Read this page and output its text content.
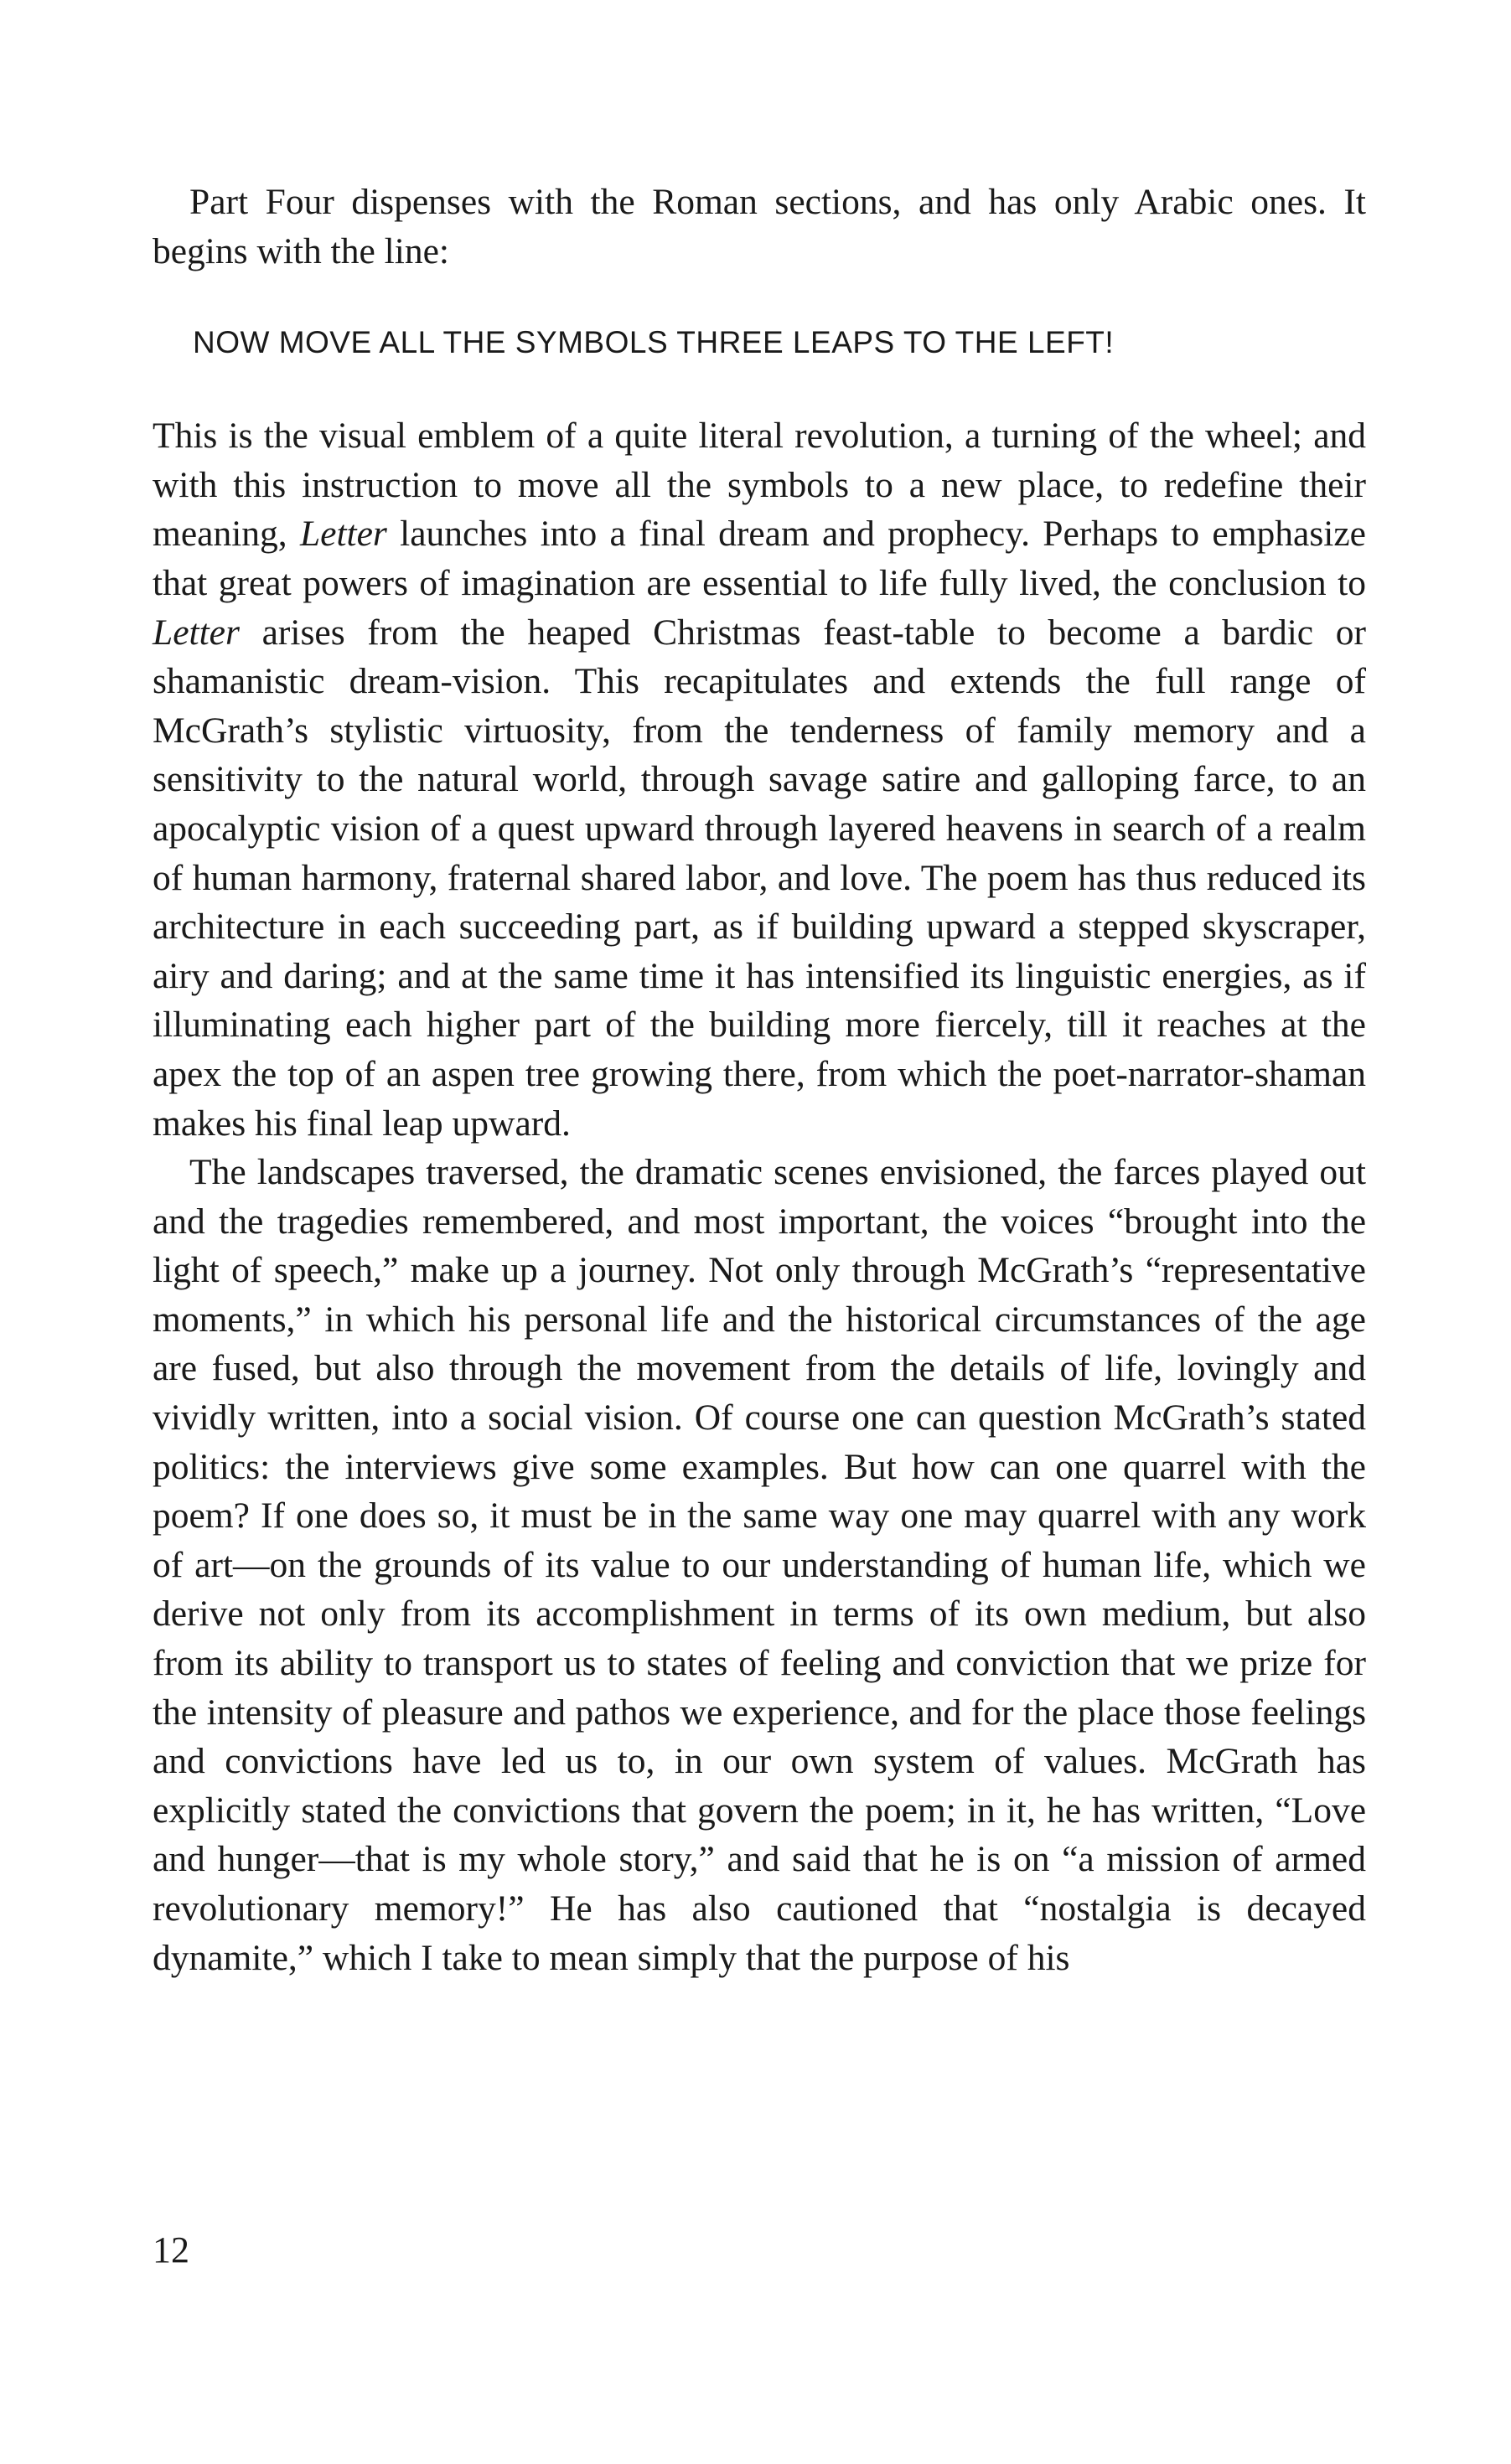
Part Four dispenses with the Roman sections, and has only Arabic ones. It begins with the line:

NOW MOVE ALL THE SYMBOLS THREE LEAPS TO THE LEFT!

This is the visual emblem of a quite literal revolution, a turning of the wheel; and with this instruction to move all the symbols to a new place, to redefine their meaning, Letter launches into a final dream and prophecy. Perhaps to emphasize that great powers of imagination are essential to life fully lived, the conclusion to Letter arises from the heaped Christmas feast-table to become a bardic or shamanistic dream-vision. This recapitulates and extends the full range of McGrath’s stylistic virtuosity, from the tenderness of family memory and a sensitivity to the natural world, through savage satire and galloping farce, to an apocalyptic vision of a quest upward through layered heavens in search of a realm of human harmony, fraternal shared labor, and love. The poem has thus reduced its architecture in each succeeding part, as if building upward a stepped skyscraper, airy and daring; and at the same time it has intensified its linguistic energies, as if illuminating each higher part of the building more fiercely, till it reaches at the apex the top of an aspen tree growing there, from which the poet-narrator-shaman makes his final leap upward.

The landscapes traversed, the dramatic scenes envisioned, the farces played out and the tragedies remembered, and most important, the voices “brought into the light of speech,” make up a journey. Not only through McGrath’s “representative moments,” in which his personal life and the historical circumstances of the age are fused, but also through the movement from the details of life, lovingly and vividly written, into a social vision. Of course one can question McGrath’s stated politics: the interviews give some examples. But how can one quarrel with the poem? If one does so, it must be in the same way one may quarrel with any work of art—on the grounds of its value to our understanding of human life, which we derive not only from its accomplishment in terms of its own medium, but also from its ability to transport us to states of feeling and conviction that we prize for the intensity of pleasure and pathos we experience, and for the place those feelings and convictions have led us to, in our own system of values. McGrath has explicitly stated the convictions that govern the poem; in it, he has written, “Love and hunger—that is my whole story,” and said that he is on “a mission of armed revolutionary memory!” He has also cautioned that “nostalgia is decayed dynamite,” which I take to mean simply that the purpose of his

12
